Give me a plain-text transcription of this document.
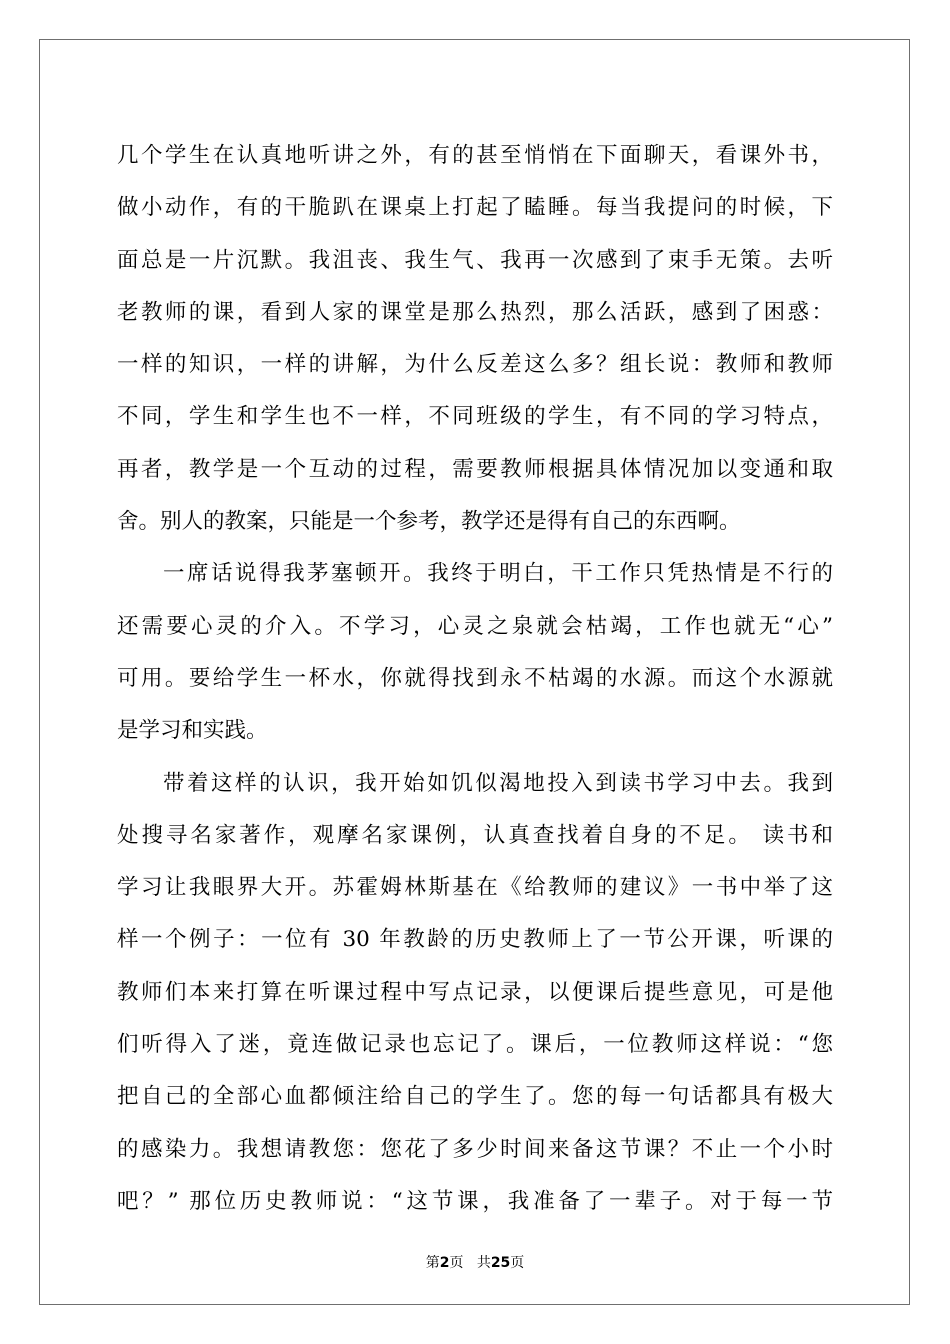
几个学生在认真地听讲之外，有的甚至悄悄在下面聊天，看课外书，
做小动作，有的干脆趴在课桌上打起了瞌睡。每当我提问的时候，下
面总是一片沉默。我沮丧、我生气、我再一次感到了束手无策。去听
老教师的课，看到人家的课堂是那么热烈，那么活跃，感到了困惑：
一样的知识，一样的讲解，为什么反差这么多？组长说：教师和教师
不同，学生和学生也不一样，不同班级的学生，有不同的学习特点，
再者，教学是一个互动的过程，需要教师根据具体情况加以变通和取
舍。别人的教案，只能是一个参考，教学还是得有自己的东西啊。
一席话说得我茅塞顿开。我终于明白，干工作只凭热情是不行的
还需要心灵的介入。不学习，心灵之泉就会枯竭，工作也就无“心”
可用。要给学生一杯水，你就得找到永不枯竭的水源。而这个水源就
是学习和实践。
带着这样的认识，我开始如饥似渴地投入到读书学习中去。我到
处搜寻名家著作，观摩名家课例，认真查找着自身的不足。 读书和
学习让我眼界大开。苏霍姆林斯基在《给教师的建议》一书中举了这
样一个例子：一位有 30 年教龄的历史教师上了一节公开课，听课的
教师们本来打算在听课过程中写点记录，以便课后提些意见，可是他
们听得入了迷，竟连做记录也忘记了。课后，一位教师这样说：“您
把自己的全部心血都倾注给自己的学生了。您的每一句话都具有极大
的感染力。我想请教您：您花了多少时间来备这节课？不止一个小时
吧？” 那位历史教师说：“这节课，我准备了一辈子。对于每一节
第2页 共25页
